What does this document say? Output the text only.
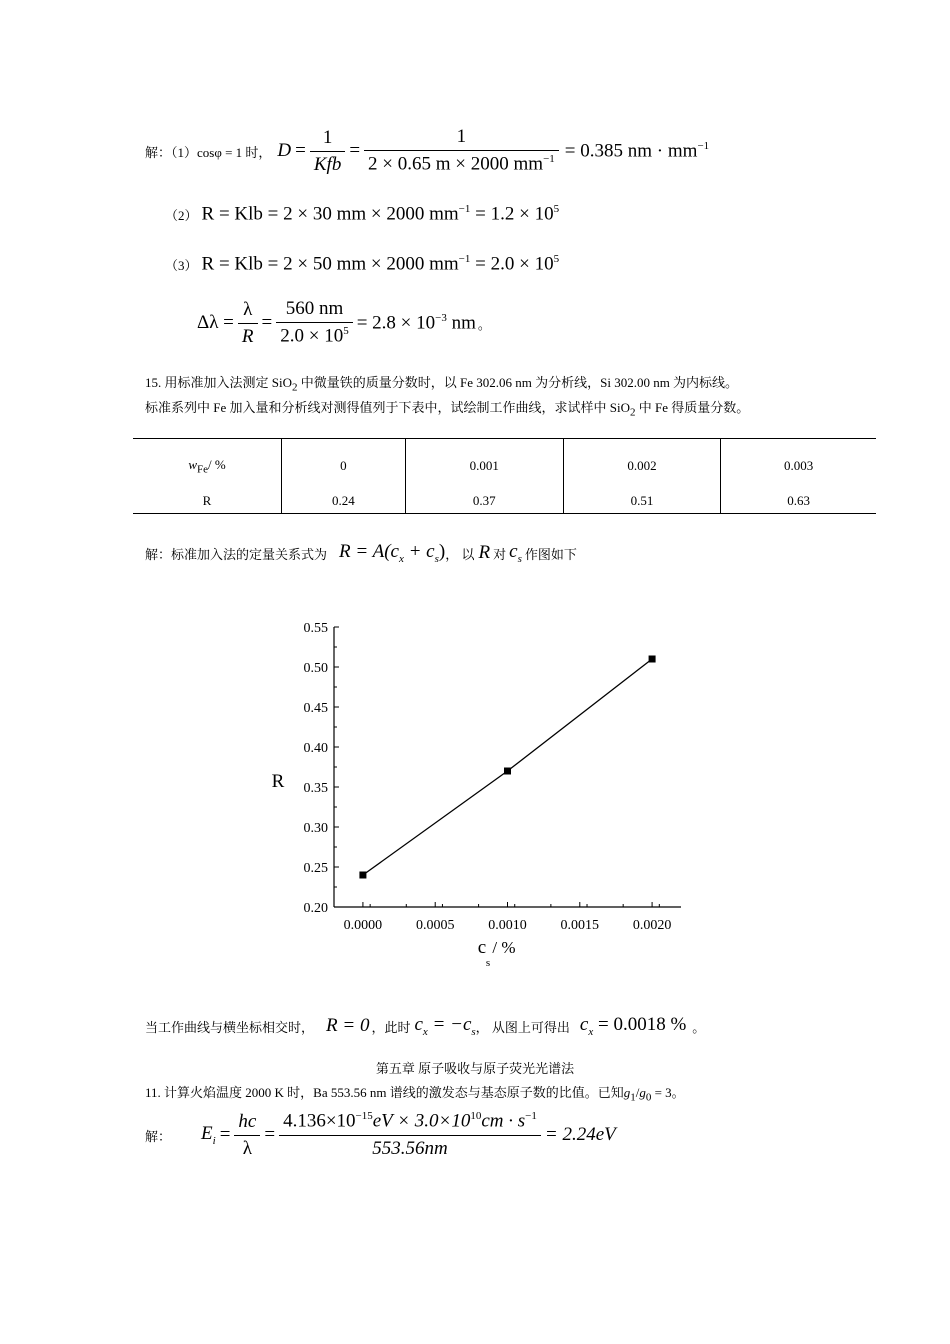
解：（1）cosφ = 1 时， $D = \frac{1}{\text{Kfb}} = \frac{1}{2 \times 0.65 m \times 2000 mm^{-1}} = 0.385$ nm · $mm^{-1}$
（2） R = Klb = 2 × 30 mm × 2000 $mm^{-1} = 1.2 \times 10^5$
（3） R = Klb = 2 × 50 mm × 2000 $mm^{-1} = 2.0 \times 10^5$
$\Delta\lambda = \frac{\lambda}{R} = \frac{560 nm}{2.0 \times 10^5} = 2.8 \times 10^{-3}$ nm 。
15. 用标准加入法测定 SiO$_2$ 中微量铁的质量分数时，以 Fe 302.06 nm 为分析线，Si 302.00 nm 为内标线。
标准系列中 Fe 加入量和分析线对测得值列于下表中，试绘制工作曲线，求试样中 SiO$_2$ 中 Fe 得质量分数。
$w_{Fe}/$ %	0	0.001	0.002	0.003
R	0.24	0.37	0.51	0.63
解：标准加入法的定量关系式为 $R = A(c_x + c_s)$ ， 以 R 对 $c_s$ 作图如下
0.20
0.25
0.30
0.35
0.40
0.45
0.50
0.55
0.0000 0.0005 0.0010 0.0015 0.0020
R
c
s
/ %
当工作曲线与横坐标相交时， R = 0 ，此时 $c_x = -c_s$ ， 从图上可得出 $c_x = 0.0018$ % 。
第五章 原子吸收与原子荧光光谱法
11. 计算火焰温度 2000 K 时，Ba 553.56 nm 谱线的激发态与基态原子数的比值。已知$g_1/g_0 = 3$。
解： $E_i = \frac{hc}{\lambda} = \frac{4.136\times 10^{-15}eV \times 3.0\times 10^{10}cm \cdot s^{-1}}{553.56nm} = 2.24eV$
